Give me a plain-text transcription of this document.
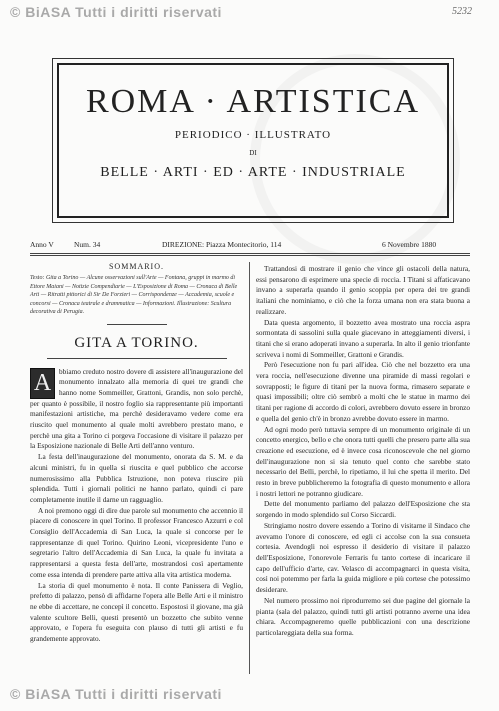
© BiASA Tutti i diritti riservati	5232
ROMA · ARTISTICA
PERIODICO · ILLUSTRATO
DI
BELLE · ARTI · ED · ARTE · INDUSTRIALE
Anno V	Num. 34	DIREZIONE: Piazza Montecitorio, 114	6 Novembre 1880
SOMMARIO.
Testo: Gita a Torino — Alcune osservazioni sull'Arte — Fontana, gruppi in marmo di Ettore Maiani — Notizie Compendiarie — L'Esposizione di Roma — Cronaca di Belle Arti — Ritratti pittorici di Sir De Forzieri — Corrispondenze — Accademia, scuole e concorsi — Cronaca teatrale e drammatica — Informazioni. Illustrazione: Scultura decorativa di Perugia.
GITA A TORINO.

A	bbiamo creduto nostro dovere di assistere all'inaugurazione del monumento innalzato alla memoria di quei tre grandi che hanno nome Sommeiller, Grattoni, Grandis, non solo perchè, per quanto è possibile, il nostro foglio sia rappresentante più importanti manifestazioni artistiche, ma perchè desideravamo vedere come era riuscito quel monumento al quale molti avrebbero prestato mano, e perchè una gita a Torino ci porgeva l'occasione di visitare il palazzo per la Esposizione nazionale di Belle Arti dell'anno venturo.

La festa dell'inaugurazione del monumento, onorata da S. M. e da alcuni ministri, fu in quella sì riuscita e quel pubblico che accorse numerosissimo alla Pubblica Istruzione, non poteva riuscire più splendida. Tutti i giornali politici ne hanno parlato, quindi ci pare completamente inutile il darne un ragguaglio.

A noi premono oggi di dire due parole sul monumento che accennio il piacere di conoscere in quel Torino. Il professor Francesco Azzurri e col Consiglio dell'Accademia di San Luca, la quale si concorse per le rappresentanze di quel Torino. Quirino Leoni, vicepresidente l'uno e segretario l'altro dell'Accademia di San Luca, la quale fu invitata a rappresentarsi a questa festa dell'arte, mostrandosi così apertamente come essa intenda di prendere parte attiva alla vita artistica moderna.

La storia di quel monumento è nota. Il conte Panissera di Veglio, prefetto di palazzo, pensò di affidarne l'opera alle Belle Arti e il ministro ne ebbe di accettare, ne concepì il concetto. Espostosi il giovane, ma già valente scultore Belli, questi presentò un bozzetto che subito venne approvato, e l'opera fu eseguita con plauso di tutti gli artisti e fu grandemente approvato.

Trattandosi di mostrare il genio che vince gli ostacoli della natura, essi pensarono di esprimere una specie di roccia. I Titani si affaticavano invano a superarla quando il genio scoppia per opera dei tre grandi italiani che nominiamo, e ciò che la forza umana non era stata buona a realizzare.

Data questa argomento, il bozzetto avea mostrato una roccia aspra sormontata di sassolini sulla quale giacevano in atteggiamenti diversi, i titani che si erano adoperati invano a superarla. In alto il genio trionfante scriveva i nomi di Sommeiller, Grattoni e Grandis.

Però l'esecuzione non fu pari all'idea. Ciò che nel bozzetto era una vera roccia, nell'esecuzione divenne una piramide di massi regolari e sovrapposti; le figure di titani per la nuova forma, rimasero separate e quasi impossibili; oltre ciò sembrò a molti che le statue in marmo dei titani per ragione di accordo di colori, avrebbero dovuto essere in bronzo e quella del genio ch'è in bronzo avrebbe dovuto essere in marmo.

Ad ogni modo però tuttavia sempre di un monumento originale di un concetto energico, bello e che onora tutti quelli che presero parte alla sua creazione ed esecuzione, ed è invece cosa riconoscevole che nel giorno dell'inaugurazione non si sia tenuto quel conto che sarebbe stato necessario del Belli, perchè, lo ripetiamo, il lui che spetta il merito. Del resto in breve pubblicheremo la fotografia di questo monumento e allora i nostri lettori ne potranno giudicare.

Dette del monumento parliamo del palazzo dell'Esposizione che sta sorgendo in modo splendido sul Corso Siccardi.

Stringiamo nostro dovere essendo a Torino di visitarne il Sindaco che avevamo l'onore di conoscere, ed egli ci accolse con la sua consueta cortesia. Avendogli noi espresso il desiderio di visitare il palazzo dell'Esposizione, l'onorevole Ferraris fu tanto cortese di incaricare il capo dell'ufficio d'arte, cav. Velasco di accompagnarci in questa visita, così noi potemmo per farla la guida migliore e più cortese che potessimo desiderare.

Nel numero prossimo noi riprodurremo sei due pagine del giornale la pianta (sala del palazzo, quindi tutti gli artisti potranno averne una idea chiara. Accompagneremo quelle pubblicazioni con una descrizione particolareggiata della sua forma.

© BiASA Tutti i diritti riservati
